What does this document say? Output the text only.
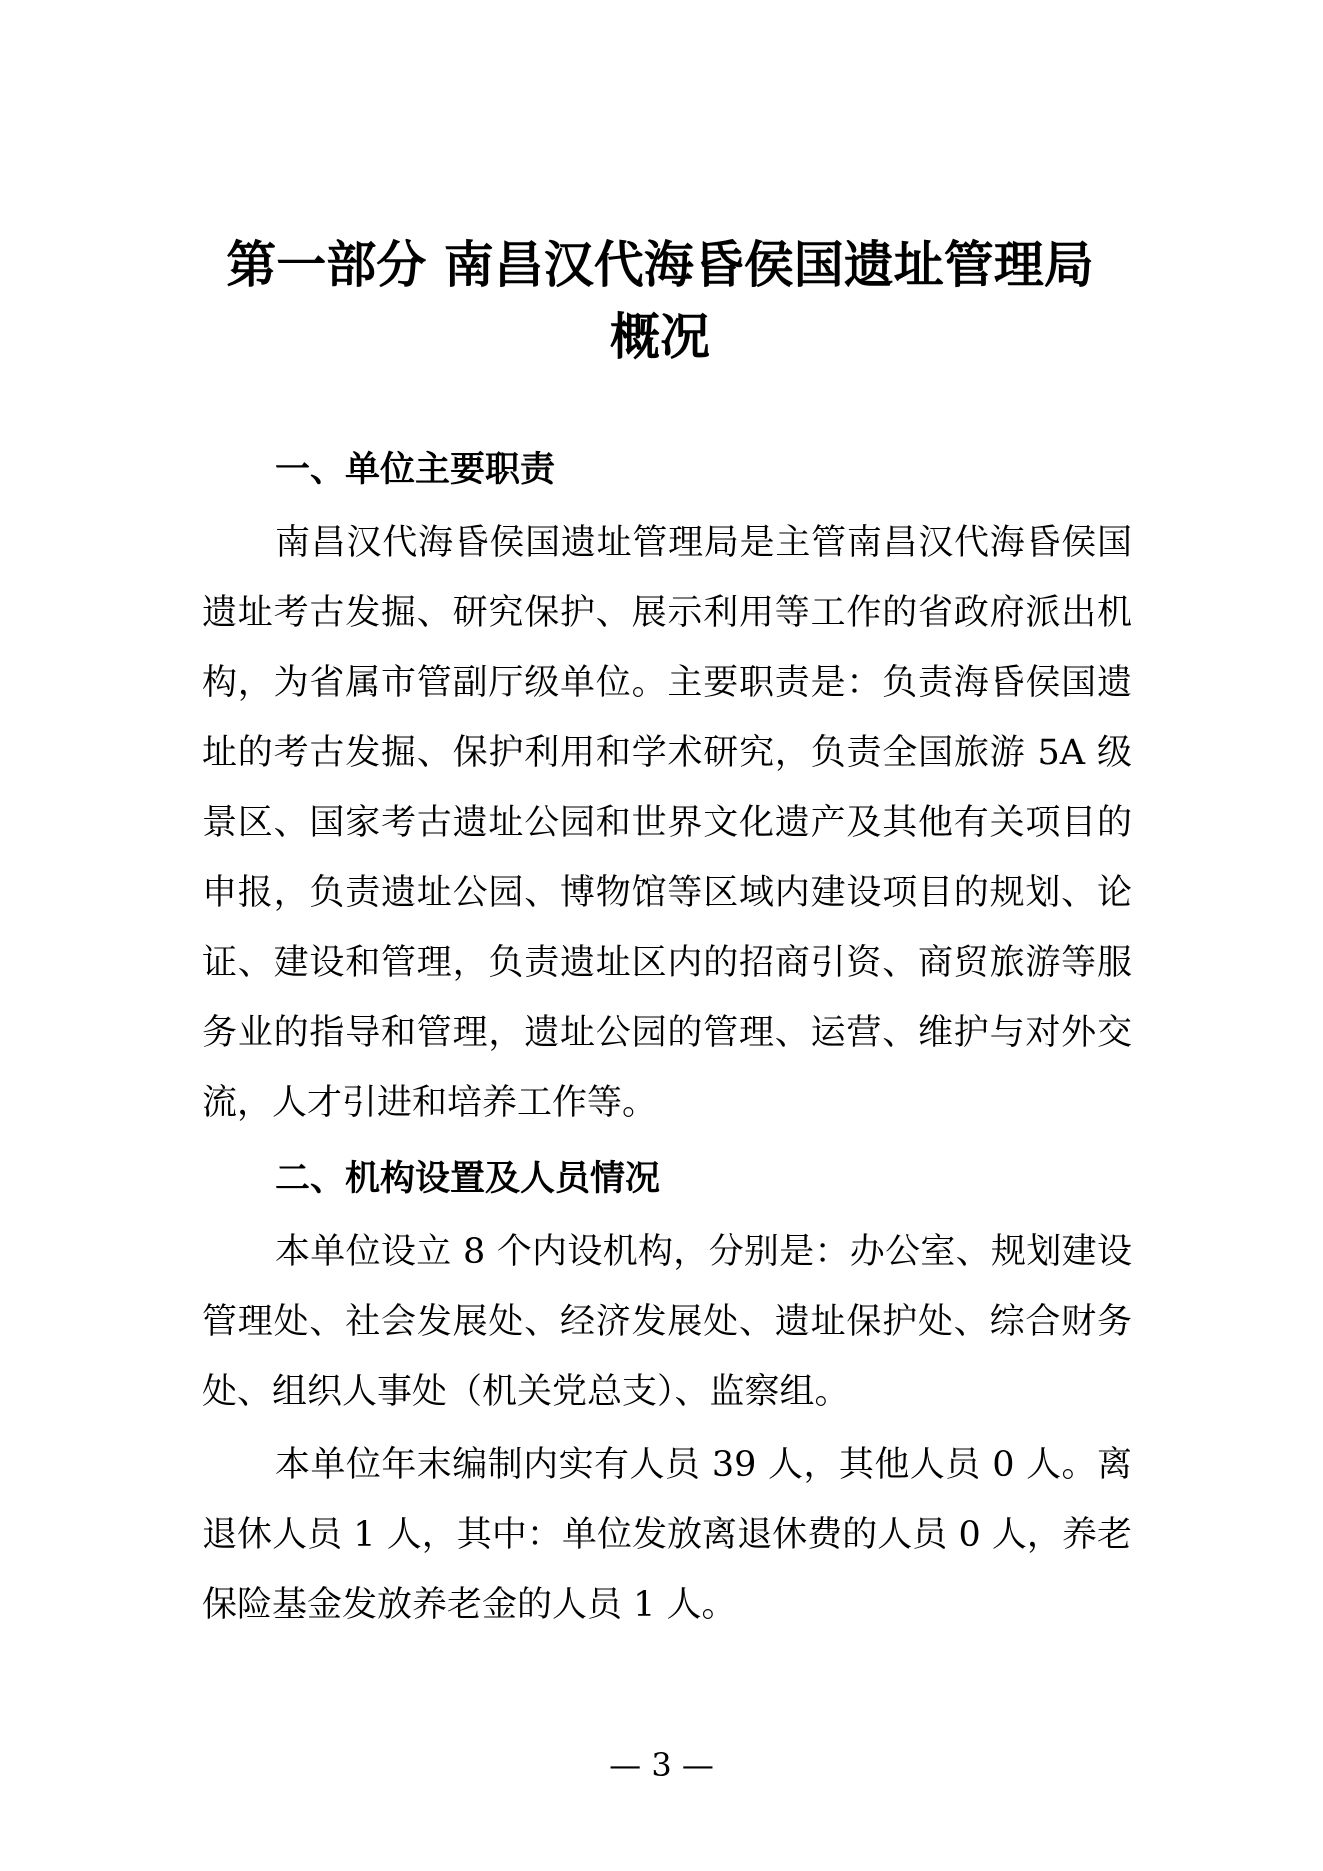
第一部分 南昌汉代海昏侯国遗址管理局
概况
一、单位主要职责

南昌汉代海昏侯国遗址管理局是主管南昌汉代海昏侯国遗址考古发掘、研究保护、展示利用等工作的省政府派出机构，为省属市管副厅级单位。主要职责是：负责海昏侯国遗址的考古发掘、保护利用和学术研究，负责全国旅游 5A 级景区、国家考古遗址公园和世界文化遗产及其他有关项目的申报，负责遗址公园、博物馆等区域内建设项目的规划、论证、建设和管理，负责遗址区内的招商引资、商贸旅游等服务业的指导和管理，遗址公园的管理、运营、维护与对外交流，人才引进和培养工作等。

二、机构设置及人员情况

本单位设立 8 个内设机构，分别是：办公室、规划建设管理处、社会发展处、经济发展处、遗址保护处、综合财务处、组织人事处（机关党总支）、监察组。

本单位年末编制内实有人员 39 人，其他人员 0 人。离退休人员 1 人，其中：单位发放离退休费的人员 0 人，养老保险基金发放养老金的人员 1 人。

— 3 —
